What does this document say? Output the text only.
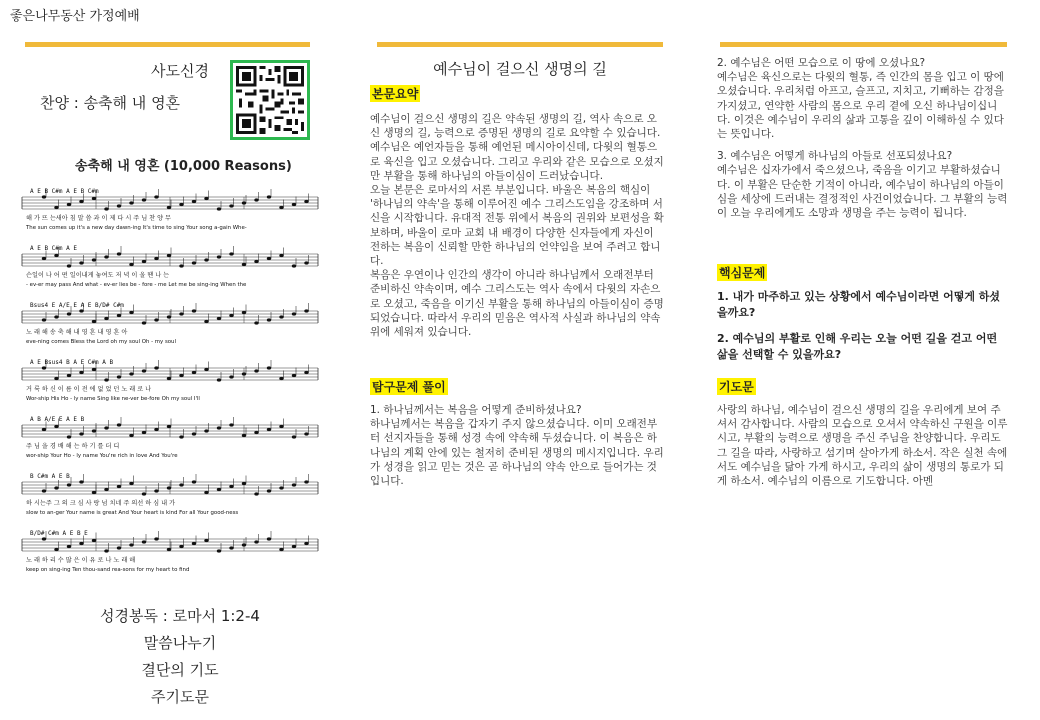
좋은나무동산 가정예배
사도신경
찬양 : 송축해 내 영혼
송축해 내 영혼 (10,000 Reasons)
A E B C#m A E B C#m
해 가 뜨 는새아 침 말 씀 과 이 제 다 시 주 님 찬 양 무
The sun comes up it's a new day dawn-ing It's time to sing Your song a-gain Whe-
A E B C#m A E
슨일이 나 어 떤 일이내게 놓여도 저 녁 이 올 땐 나 는
- ev-er may pass And what - ev-er lies be - fore - me Let me be sing-ing When the
Bsus4 E A/E E A E B/D# C#m
노 래 해 송 축 해 내 영 혼 내 영 혼 아
eve-ning comes Bless the Lord oh my soul Oh - my soul
A E Bsus4 B A E C#m A B
거 룩 하 신 이 름 이 전 에 없 었 던 노 래 로 나
Wor-ship His Ho - ly name Sing like ne-ver be-fore Oh my soul I'll
A B A/E E A E B
주 님 을 경 배 해 는 하 기 를 더 디
wor-ship Your Ho - ly name You're rich in love And You're
B C#m A E B
하 시는주 그 의 크 심 사 랑 넘 치네 주 의선 하 심 내 가
slow to an-ger Your name is great And Your heart is kind For all Your good-ness
B/D# C#m A E B E
노 래 하 리 수 많 은 이 유 로 나 노 래 해
keep on sing-ing Ten thou-sand rea-sons for my heart to find
성경봉독 : 로마서 1:2-4
말씀나누기
결단의 기도
주기도문
예수님이 걸으신 생명의 길
본문요약
예수님이 걸으신 생명의 길은 약속된 생명의 길, 역사 속으로 오신 생명의 길, 능력으로 증명된 생명의 길로 요약할 수 있습니다. 예수님은 예언자들을 통해 예언된 메시아이신데, 다윗의 혈통으로 육신을 입고 오셨습니다. 그리고 우리와 같은 모습으로 오셨지만 부활을 통해 하나님의 아들이심이 드러났습니다.
오늘 본문은 로마서의 서론 부분입니다. 바울은 복음의 핵심이 '하나님의 약속'을 통해 이루어진 예수 그리스도임을 강조하며 서신을 시작합니다. 유대적 전통 위에서 복음의 권위와 보편성을 확보하며, 바울이 로마 교회 내 배경이 다양한 신자들에게 자신이 전하는 복음이 신뢰할 만한 하나님의 언약임을 보여 주려고 합니다.
복음은 우연이나 인간의 생각이 아니라 하나님께서 오래전부터 준비하신 약속이며, 예수 그리스도는 역사 속에서 다윗의 자손으로 오셨고, 죽음을 이기신 부활을 통해 하나님의 아들이심이 증명되었습니다. 따라서 우리의 믿음은 역사적 사실과 하나님의 약속 위에 세워져 있습니다.
탐구문제 풀이
1. 하나님께서는 복음을 어떻게 준비하셨나요?
하나님께서는 복음을 갑자기 주지 않으셨습니다. 이미 오래전부터 선지자들을 통해 성경 속에 약속해 두셨습니다. 이 복음은 하나님의 계획 안에 있는 철저히 준비된 생명의 메시지입니다. 우리가 성경을 읽고 믿는 것은 곧 하나님의 약속 안으로 들어가는 것입니다.
2. 예수님은 어떤 모습으로 이 땅에 오셨나요?
예수님은 육신으로는 다윗의 혈통, 즉 인간의 몸을 입고 이 땅에 오셨습니다. 우리처럼 아프고, 슬프고, 지치고, 기뻐하는 감정을 가지셨고, 연약한 사람의 몸으로 우리 곁에 오신 하나님이십니다. 이것은 예수님이 우리의 삶과 고통을 깊이 이해하실 수 있다는 뜻입니다.
3. 예수님은 어떻게 하나님의 아들로 선포되셨나요?
예수님은 십자가에서 죽으셨으나, 죽음을 이기고 부활하셨습니다. 이 부활은 단순한 기적이 아니라, 예수님이 하나님의 아들이심을 세상에 드러내는 결정적인 사건이었습니다. 그 부활의 능력이 오늘 우리에게도 소망과 생명을 주는 능력이 됩니다.
핵심문제
1. 내가 마주하고 있는 상황에서 예수님이라면 어떻게 하셨을까요?
2. 예수님의 부활로 인해 우리는 오늘 어떤 길을 걷고 어떤 삶을 선택할 수 있을까요?
기도문
사랑의 하나님, 예수님이 걸으신 생명의 길을 우리에게 보여 주셔서 감사합니다. 사람의 모습으로 오셔서 약속하신 구원을 이루시고, 부활의 능력으로 생명을 주신 주님을 찬양합니다. 우리도 그 길을 따라, 사랑하고 섬기며 살아가게 하소서. 작은 실천 속에서도 예수님을 닮아 가게 하시고, 우리의 삶이 생명의 통로가 되게 하소서. 예수님의 이름으로 기도합니다. 아멘
